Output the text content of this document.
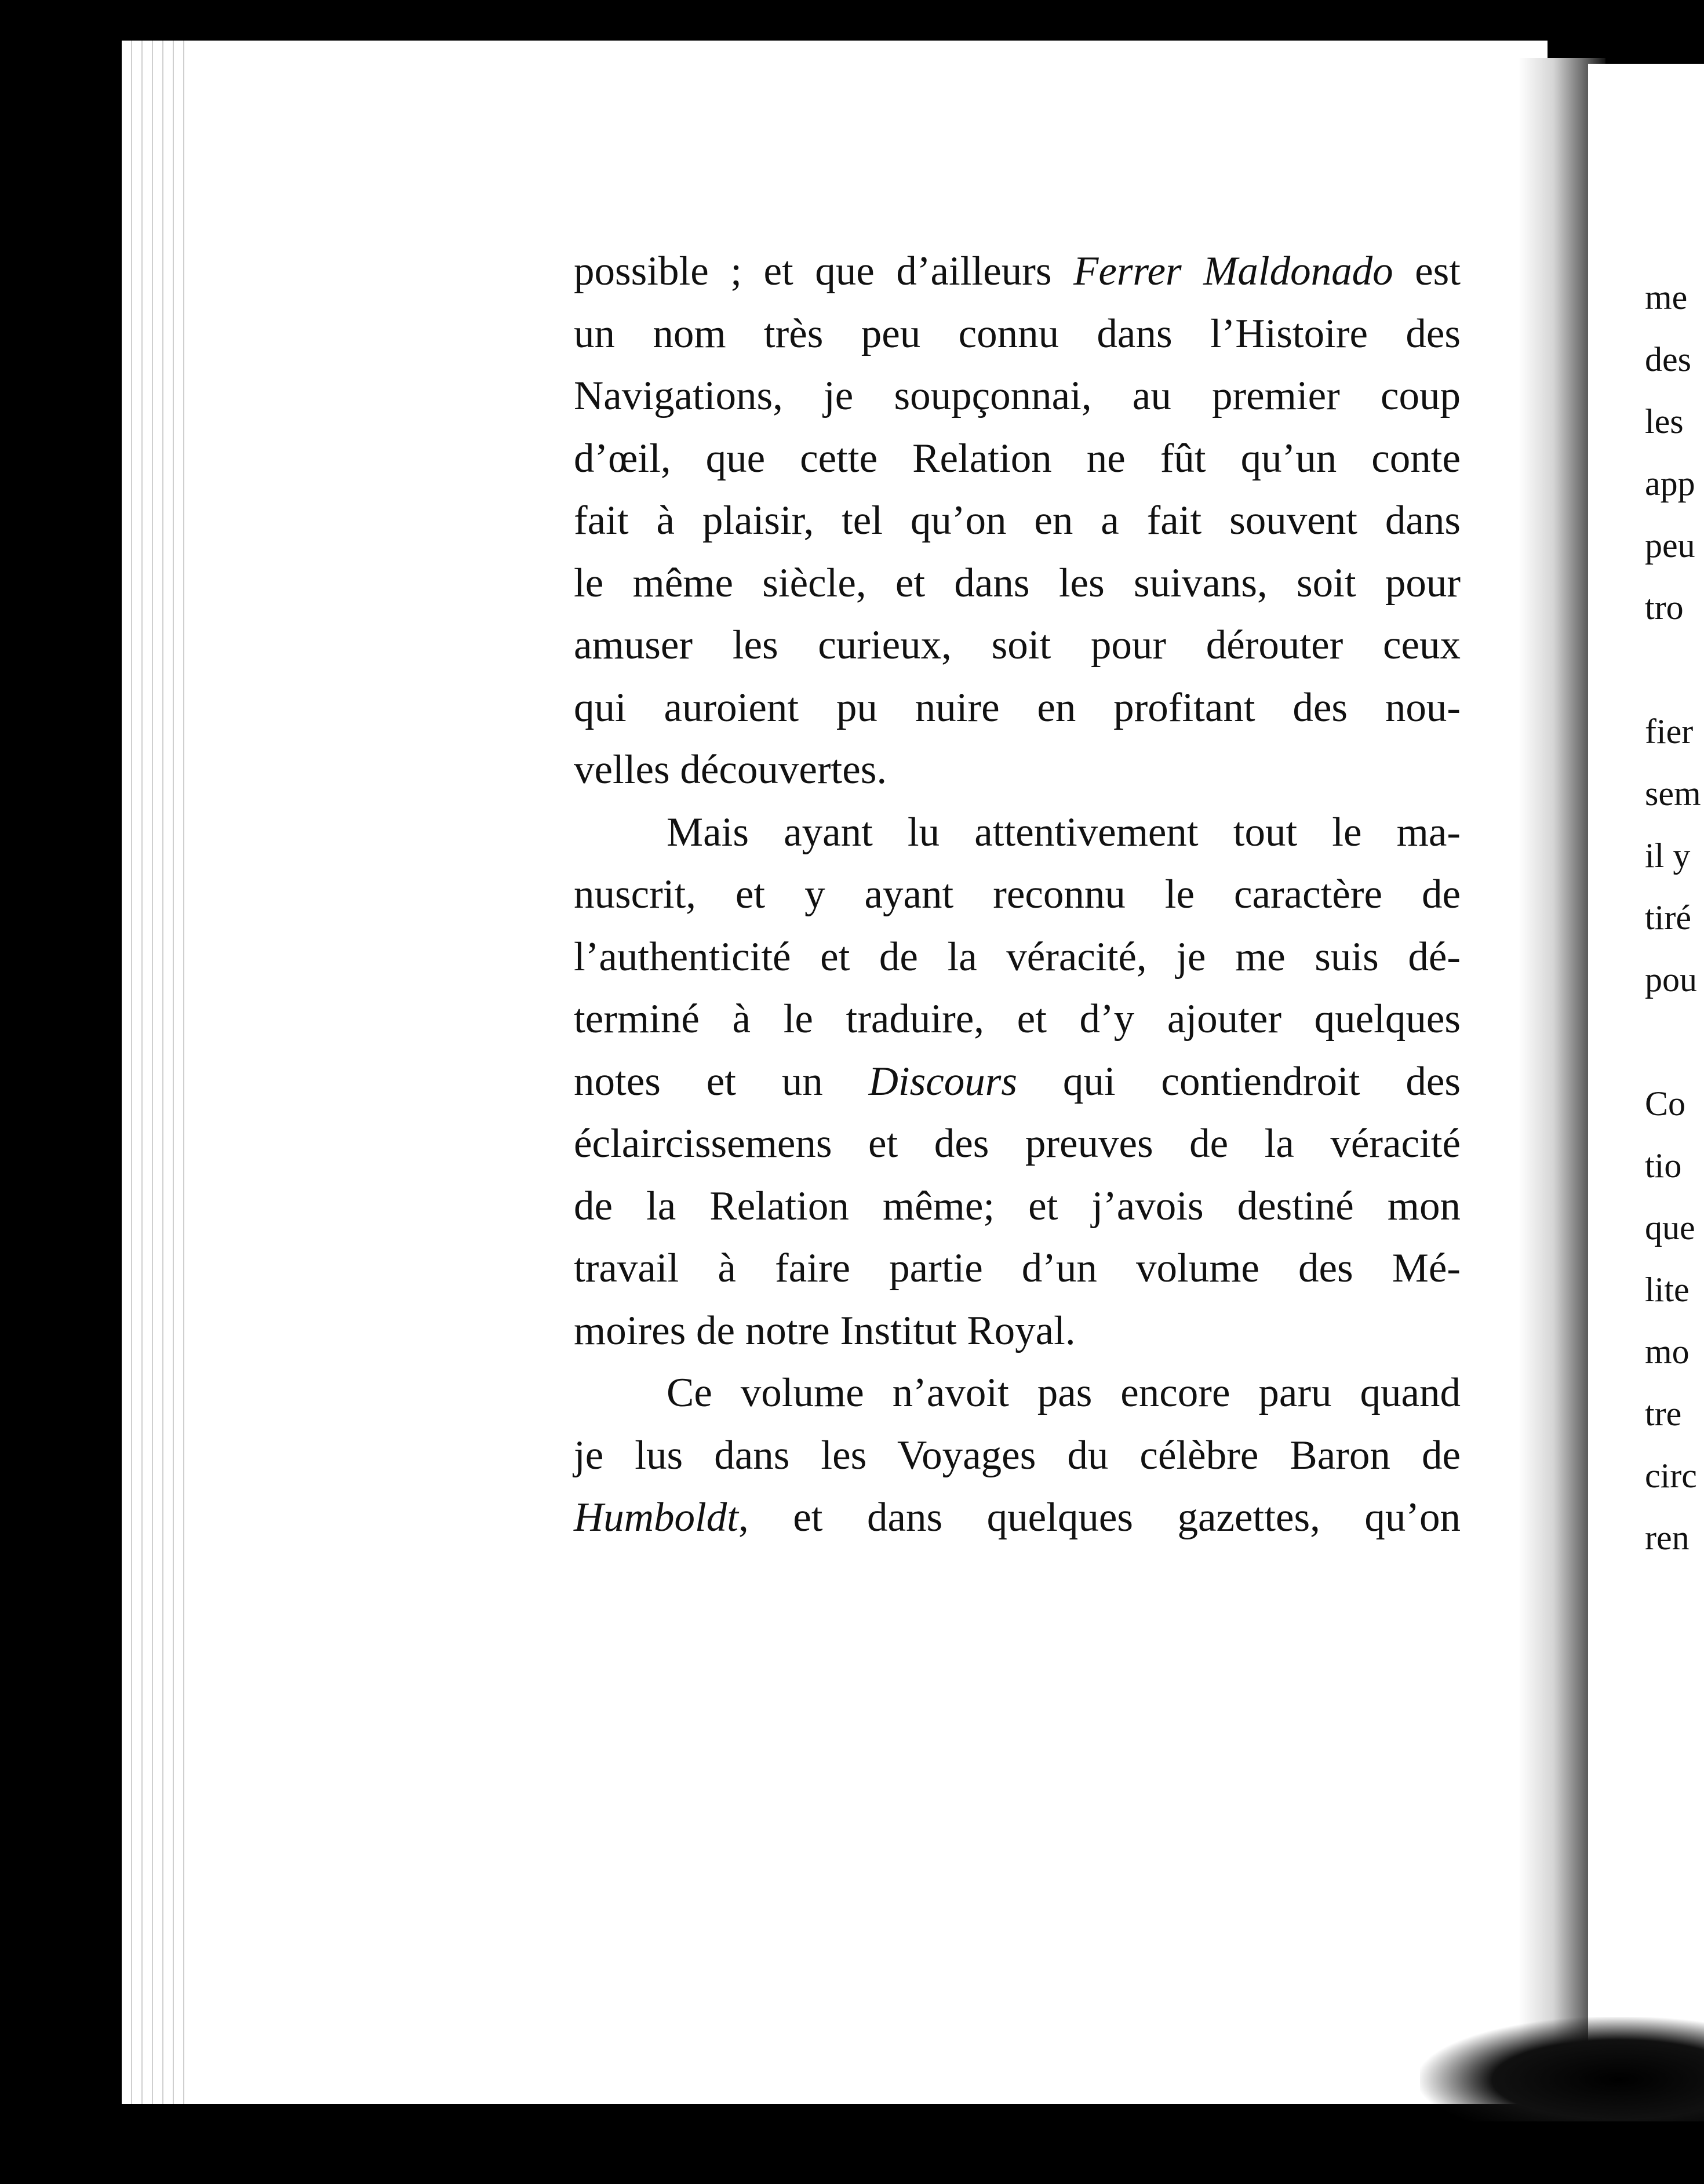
possible ; et que d’ailleurs Ferrer Maldonado est
un nom très peu connu dans l’Histoire des
Navigations, je soupçonnai, au premier coup
d’œil, que cette Relation ne fût qu’un conte
fait à plaisir, tel qu’on en a fait souvent dans
le même siècle, et dans les suivans, soit pour
amuser les curieux, soit pour dérouter ceux
qui auroient pu nuire en profitant des nou-
velles découvertes.
Mais ayant lu attentivement tout le ma-
nuscrit, et y ayant reconnu le caractère de
l’authenticité et de la véracité, je me suis dé-
terminé à le traduire, et d’y ajouter quelques
notes et un Discours qui contiendroit des
éclaircissemens et des preuves de la véracité
de la Relation même; et j’avois destiné mon
travail à faire partie d’un volume des Mé-
moires de notre Institut Royal.
Ce volume n’avoit pas encore paru quand
je lus dans les Voyages du célèbre Baron de
Humboldt, et dans quelques gazettes, qu’on
me
des
les
app
peu
tro
fier
sem
il y
tiré
pou
Co
tio
que
lite
mo
tre
circ
ren
